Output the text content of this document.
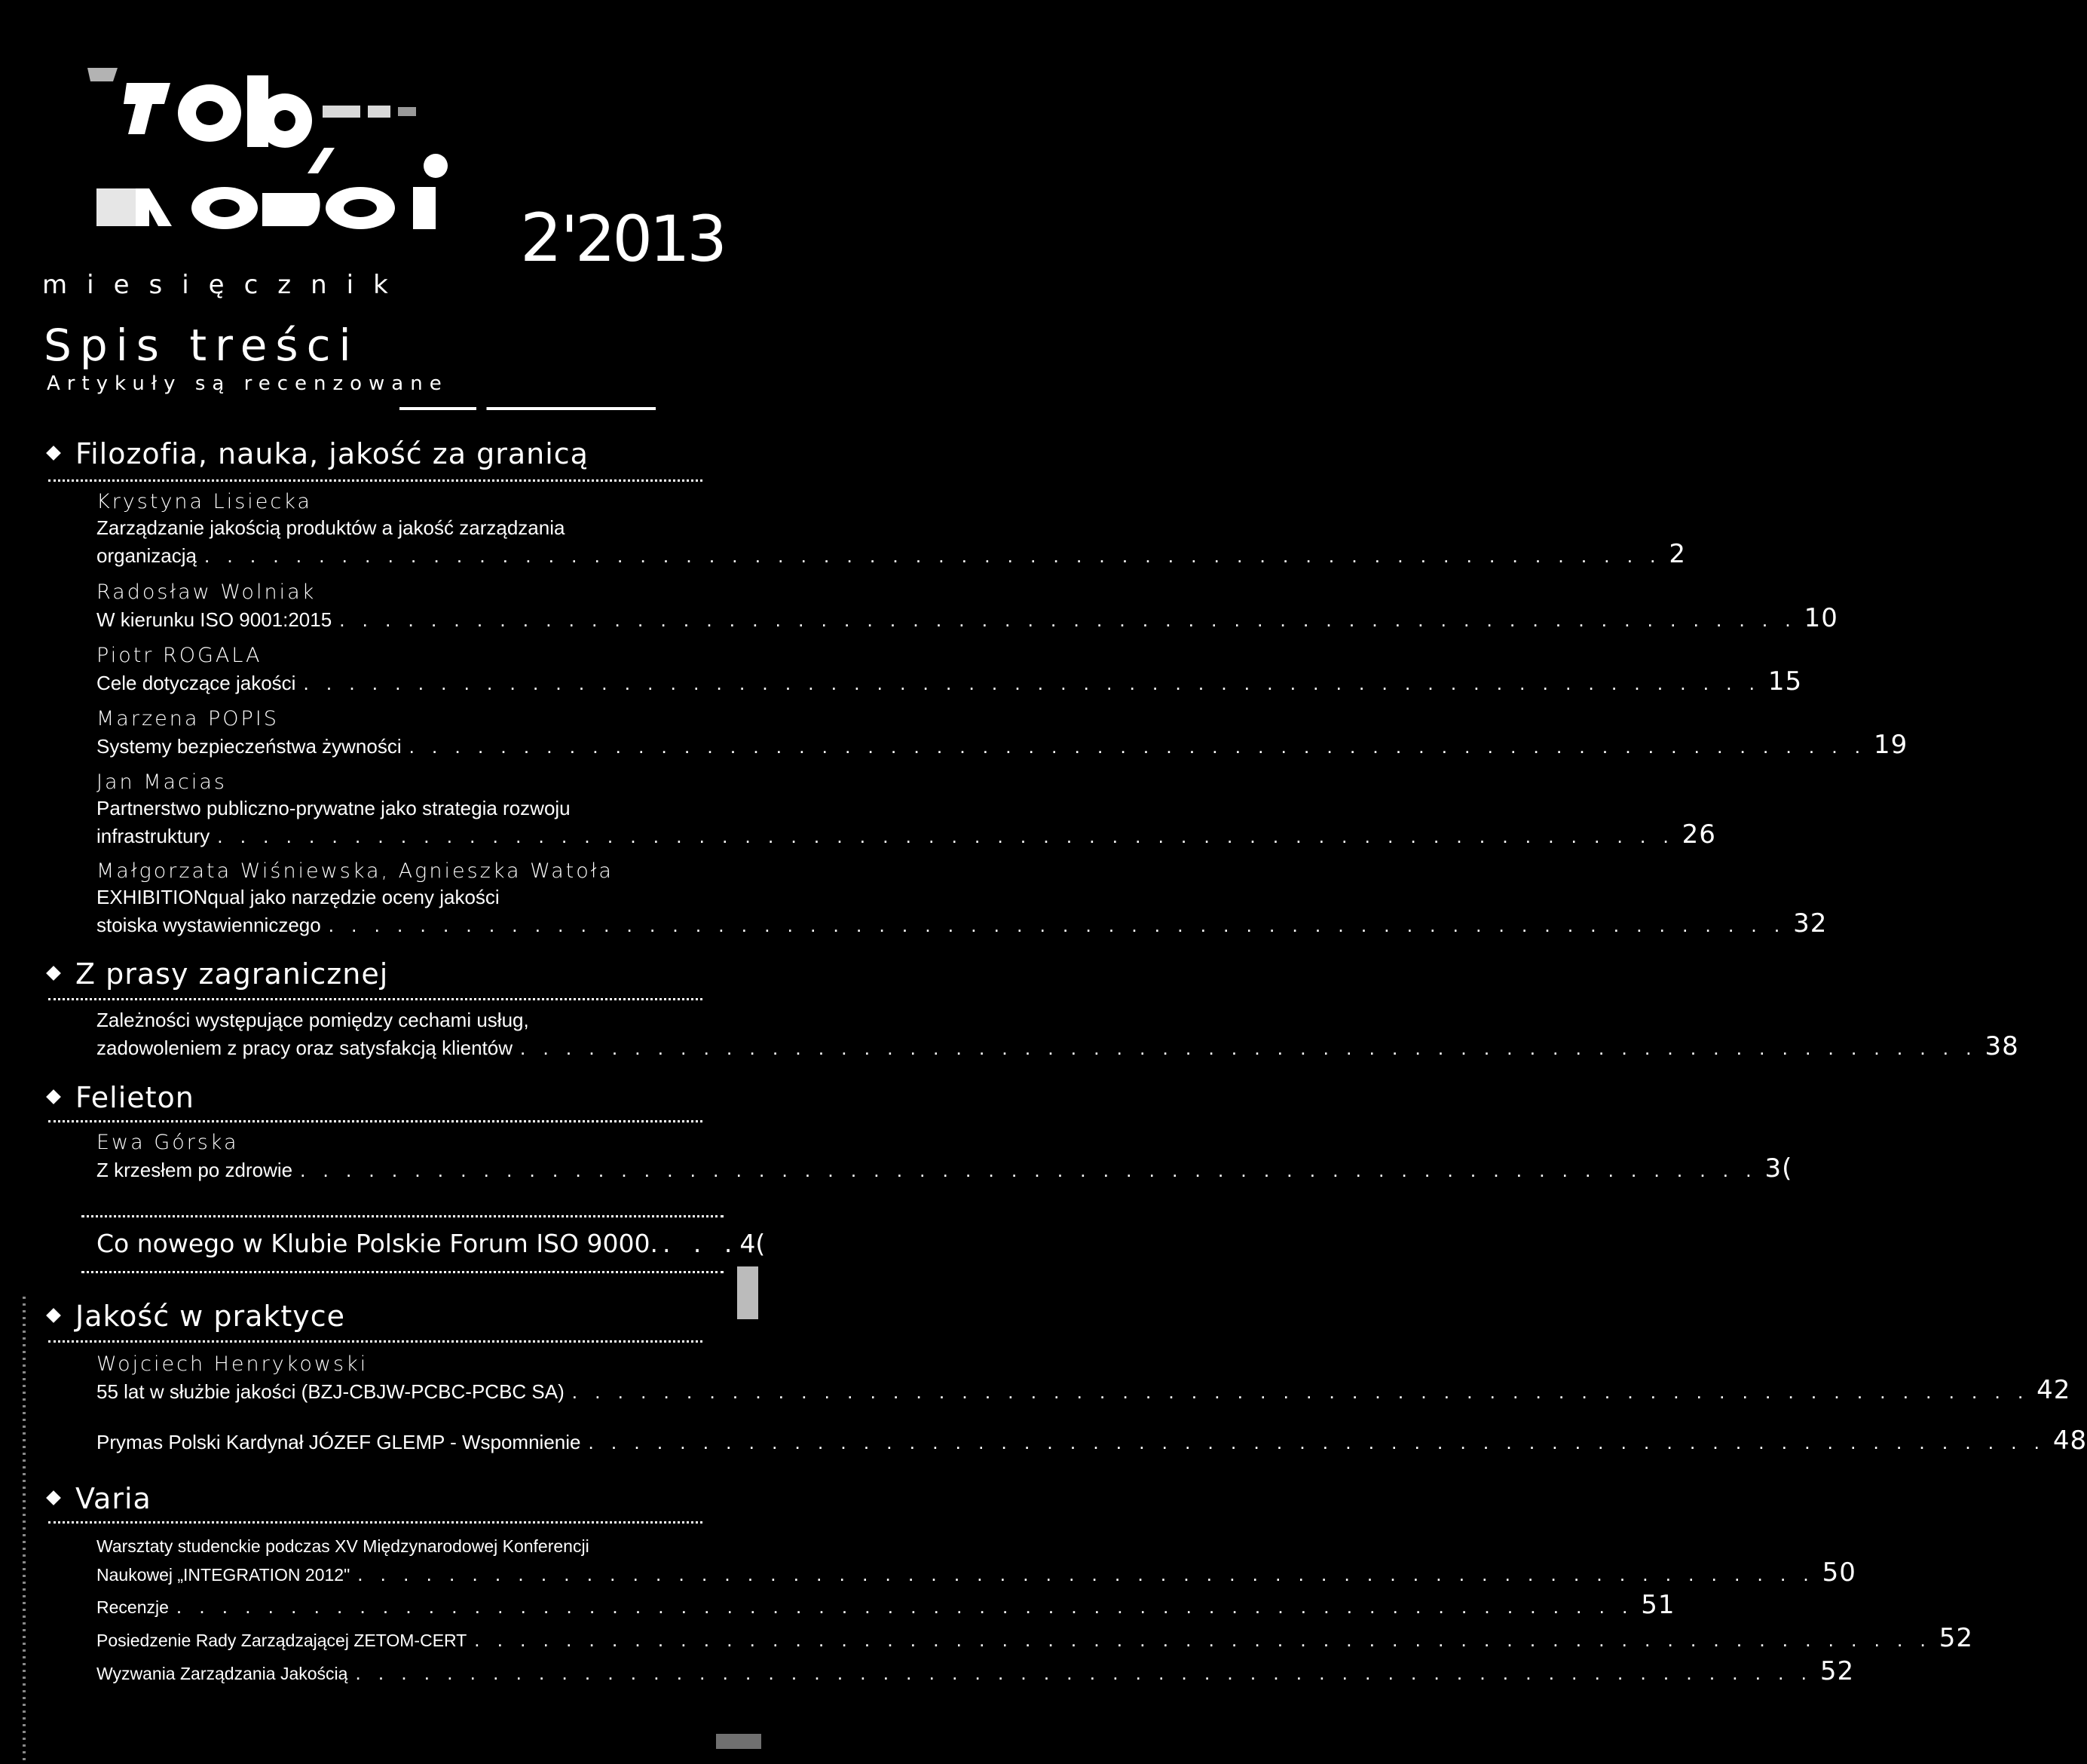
Problemy Jakości
2'2013
miesięcznik
Spis treści
Artykuły są recenzowane
Filozofia, nauka, jakość za granicą
Krystyna Lisiecka
Zarządzanie jakością produktów a jakość zarządzania
organizacją . . .	2
Radosław Wolniak
W kierunku ISO 9001:2015 . . .	10
Piotr ROGALA
Cele dotyczące jakości . . .	15
Marzena POPIS
Systemy bezpieczeństwa żywności . . .	19
Jan Macias
Partnerstwo publiczno-prywatne jako strategia rozwoju
infrastruktury . . .	26
Małgorzata Wiśniewska, Agnieszka Watoła
EXHIBITIONqual jako narzędzie oceny jakości
stoiska wystawienniczego . . .	32
Z prasy zagranicznej
Zależności występujące pomiędzy cechami usług,
zadowoleniem z pracy oraz satysfakcją klientów . . .	38
Felieton
Ewa Górska
Z krzesłem po zdrowie . . .	3(
Co nowego w Klubie Polskie Forum ISO 9000. . . . 4(
Jakość w praktyce
Wojciech Henrykowski
55 lat w służbie jakości (BZJ-CBJW-PCBC-PCBC SA) . . .	42
Prymas Polski Kardynał JÓZEF GLEMP - Wspomnienie . . .	48
Varia
Warsztaty studenckie podczas XV Międzynarodowej Konferencji
Naukowej „INTEGRATION 2012" . . .	50
Recenzje . . .	51
Posiedzenie Rady Zarządzającej ZETOM-CERT . . .	52
Wyzwania Zarządzania Jakością . . .	52
